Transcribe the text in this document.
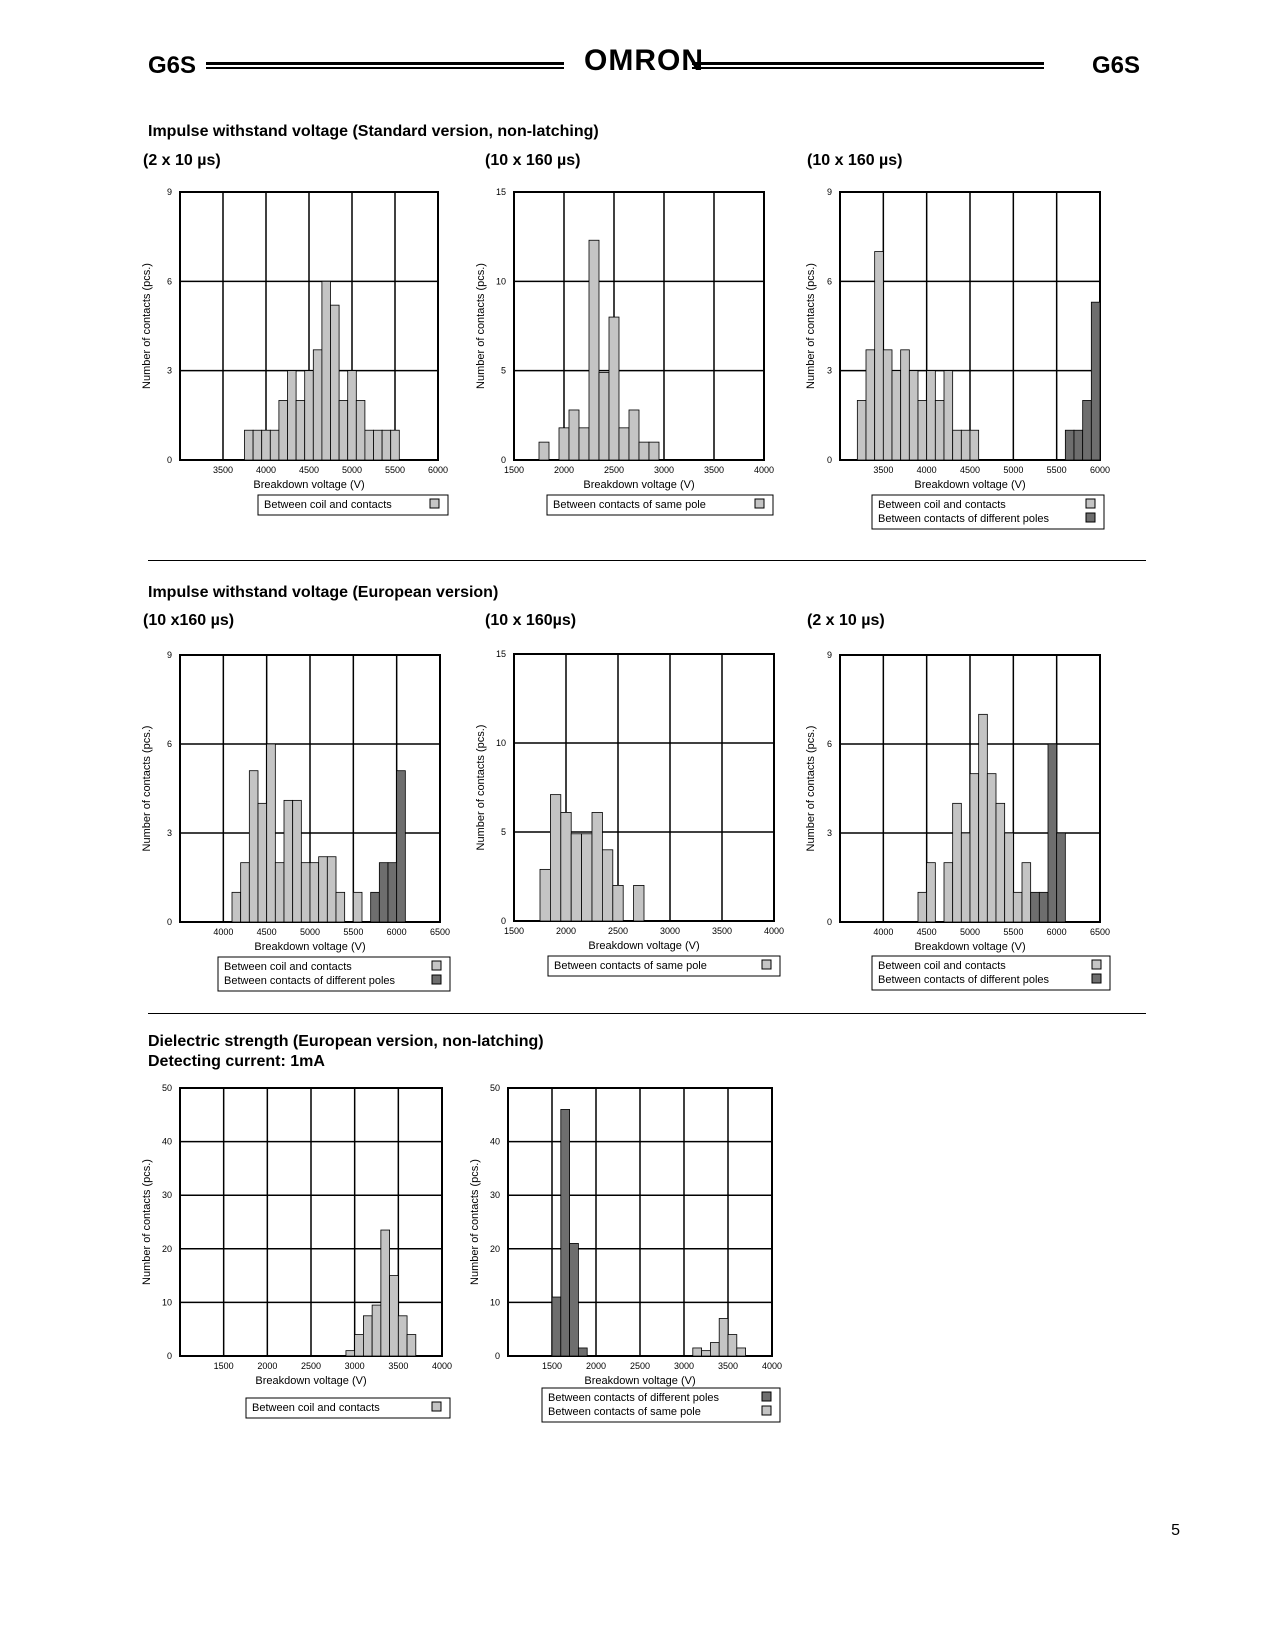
G6S	OMRON	G6S
Impulse withstand voltage (Standard version, non-latching)
(2 x 10 µs)	(10 x 160 µs)	(10 x 160 µs)
3500	4000	4500	5000	5500	6000
0
3
6
9
Breakdown voltage (V)
Number of contacts (pcs.)
Between coil and contacts
1500	2000	2500	3000	3500	4000
0
5
10
15
Breakdown voltage (V)
Number of contacts (pcs.)
Between contacts of same pole
3500	4000	4500	5000	5500	6000
0
3
6
9
Breakdown voltage (V)
Number of contacts (pcs.)
Between coil and contacts
Between contacts of different poles
Impulse withstand voltage (European version)
(10 x160 µs)	(10 x 160µs)	(2 x 10 µs)
4000	4500	5000	5500	6000	6500
0
3
6
9
Breakdown voltage (V)
Number of contacts (pcs.)
Between coil and contacts
Between contacts of different poles
1500	2000	2500	3000	3500	4000
0
5
10
15
Breakdown voltage (V)
Number of contacts (pcs.)
Between contacts of same pole
4000	4500	5000	5500	6000	6500
0
3
6
9
Breakdown voltage (V)
Number of contacts (pcs.)
Between coil and contacts
Between contacts of different poles
Dielectric strength (European version, non-latching)
Detecting current: 1mA
1500	2000	2500	3000	3500	4000
0
10
20
30
40
50
Breakdown voltage (V)
Number of contacts (pcs.)
Between coil and contacts
1500	2000	2500	3000	3500	4000
0
10
20
30
40
50
Breakdown voltage (V)
Number of contacts (pcs.)
Between contacts of different poles
Between contacts of same pole
5
